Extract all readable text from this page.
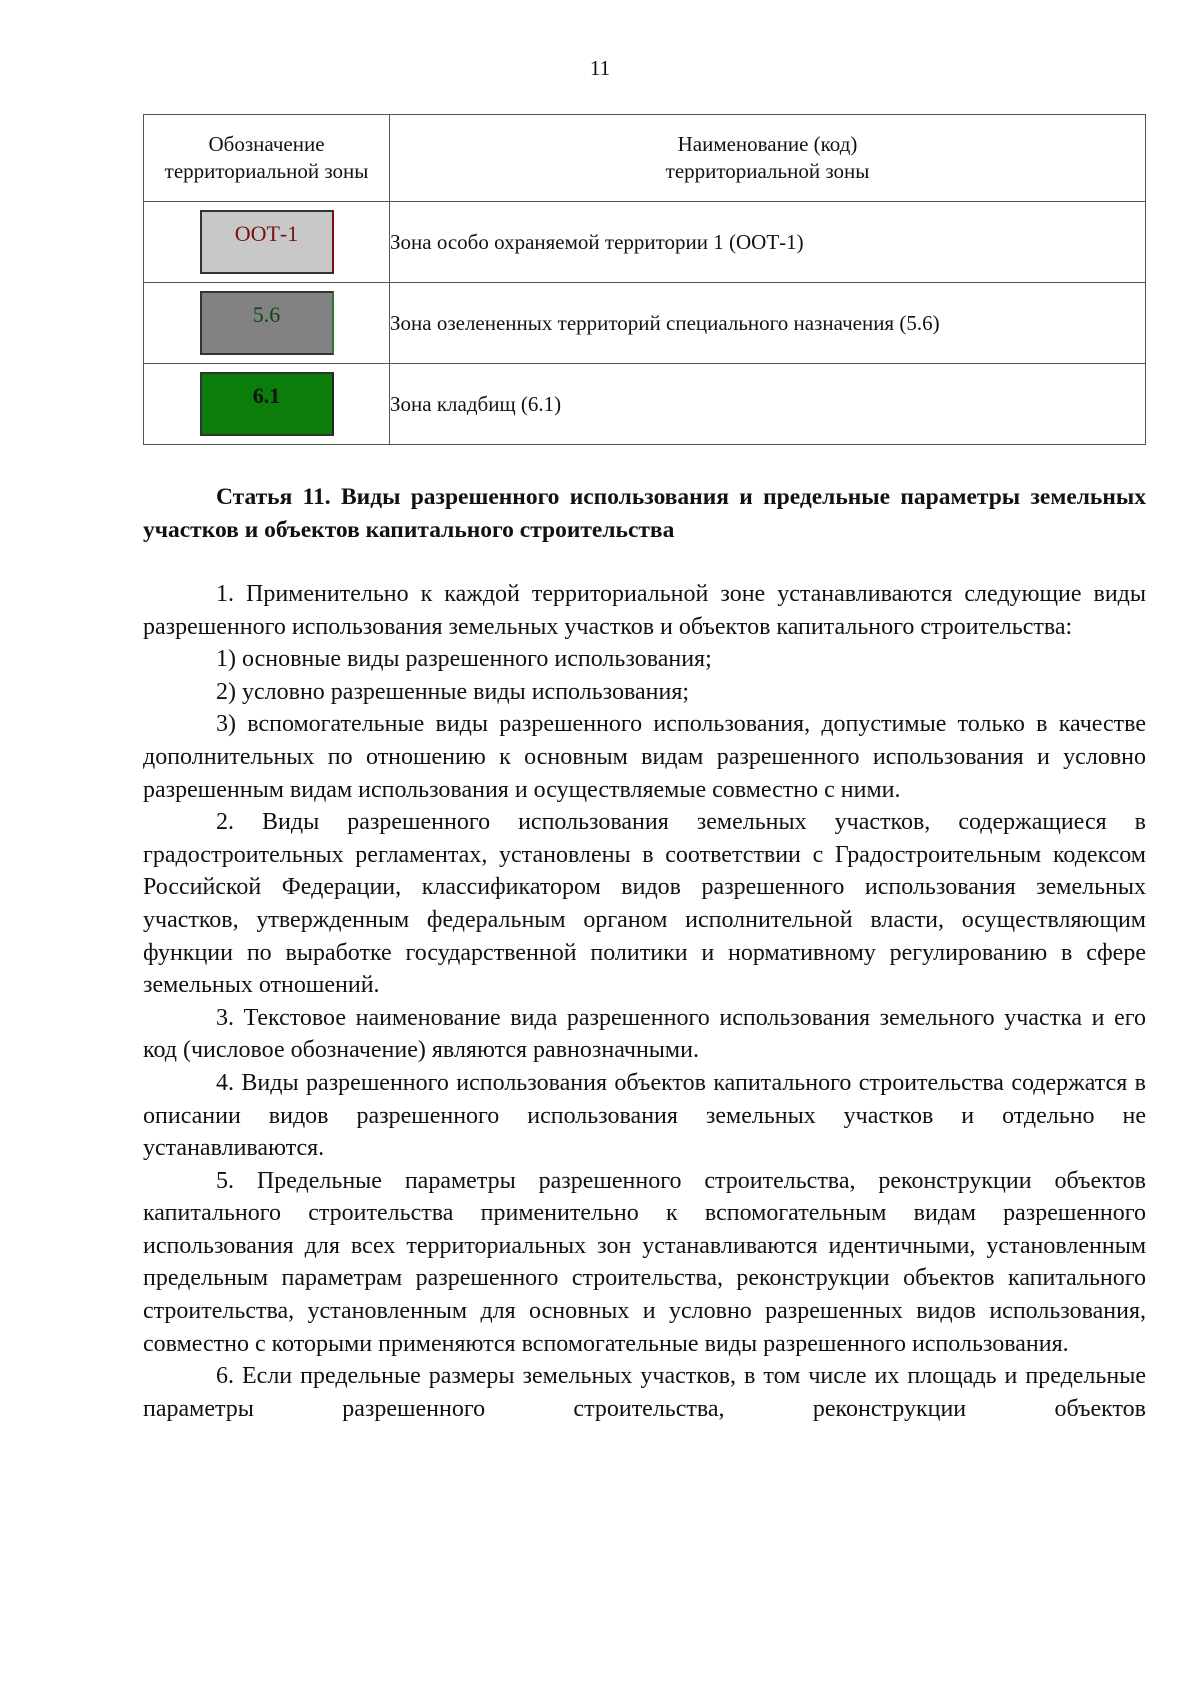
11
Обозначение территориальной зоны	Наименование (код)
территориальной зоны
ООТ-1	Зона особо охраняемой территории 1 (ООТ-1)
5.6	Зона озелененных территорий специального назначения (5.6)
6.1	Зона кладбищ (6.1)
Статья 11. Виды разрешенного использования и предельные параметры земельных участков и объектов капитального строительства

1. Применительно к каждой территориальной зоне устанавливаются следующие виды разрешенного использования земельных участков и объектов капитального строительства:

1) основные виды разрешенного использования;

2) условно разрешенные виды использования;

3) вспомогательные виды разрешенного использования, допустимые только в качестве дополнительных по отношению к основным видам разрешенного использования и условно разрешенным видам использования и осуществляемые совместно с ними.

2. Виды разрешенного использования земельных участков, содержащиеся в градостроительных регламентах, установлены в соответствии с Градостроительным кодексом Российской Федерации, классификатором видов разрешенного использования земельных участков, утвержденным федеральным органом исполнительной власти, осуществляющим функции по выработке государственной политики и нормативному регулированию в сфере земельных отношений.

3. Текстовое наименование вида разрешенного использования земельного участка и его код (числовое обозначение) являются равнозначными.

4. Виды разрешенного использования объектов капитального строительства содержатся в описании видов разрешенного использования земельных участков и отдельно не устанавливаются.

5. Предельные параметры разрешенного строительства, реконструкции объектов капитального строительства применительно к вспомогательным видам разрешенного использования для всех территориальных зон устанавливаются идентичными, установленным предельным параметрам разрешенного строительства, реконструкции объектов капитального строительства, установленным для основных и условно разрешенных видов использования, совместно с которыми применяются вспомогательные виды разрешенного использования.

6. Если предельные размеры земельных участков, в том числе их площадь и предельные параметры разрешенного строительства, реконструкции объектов
